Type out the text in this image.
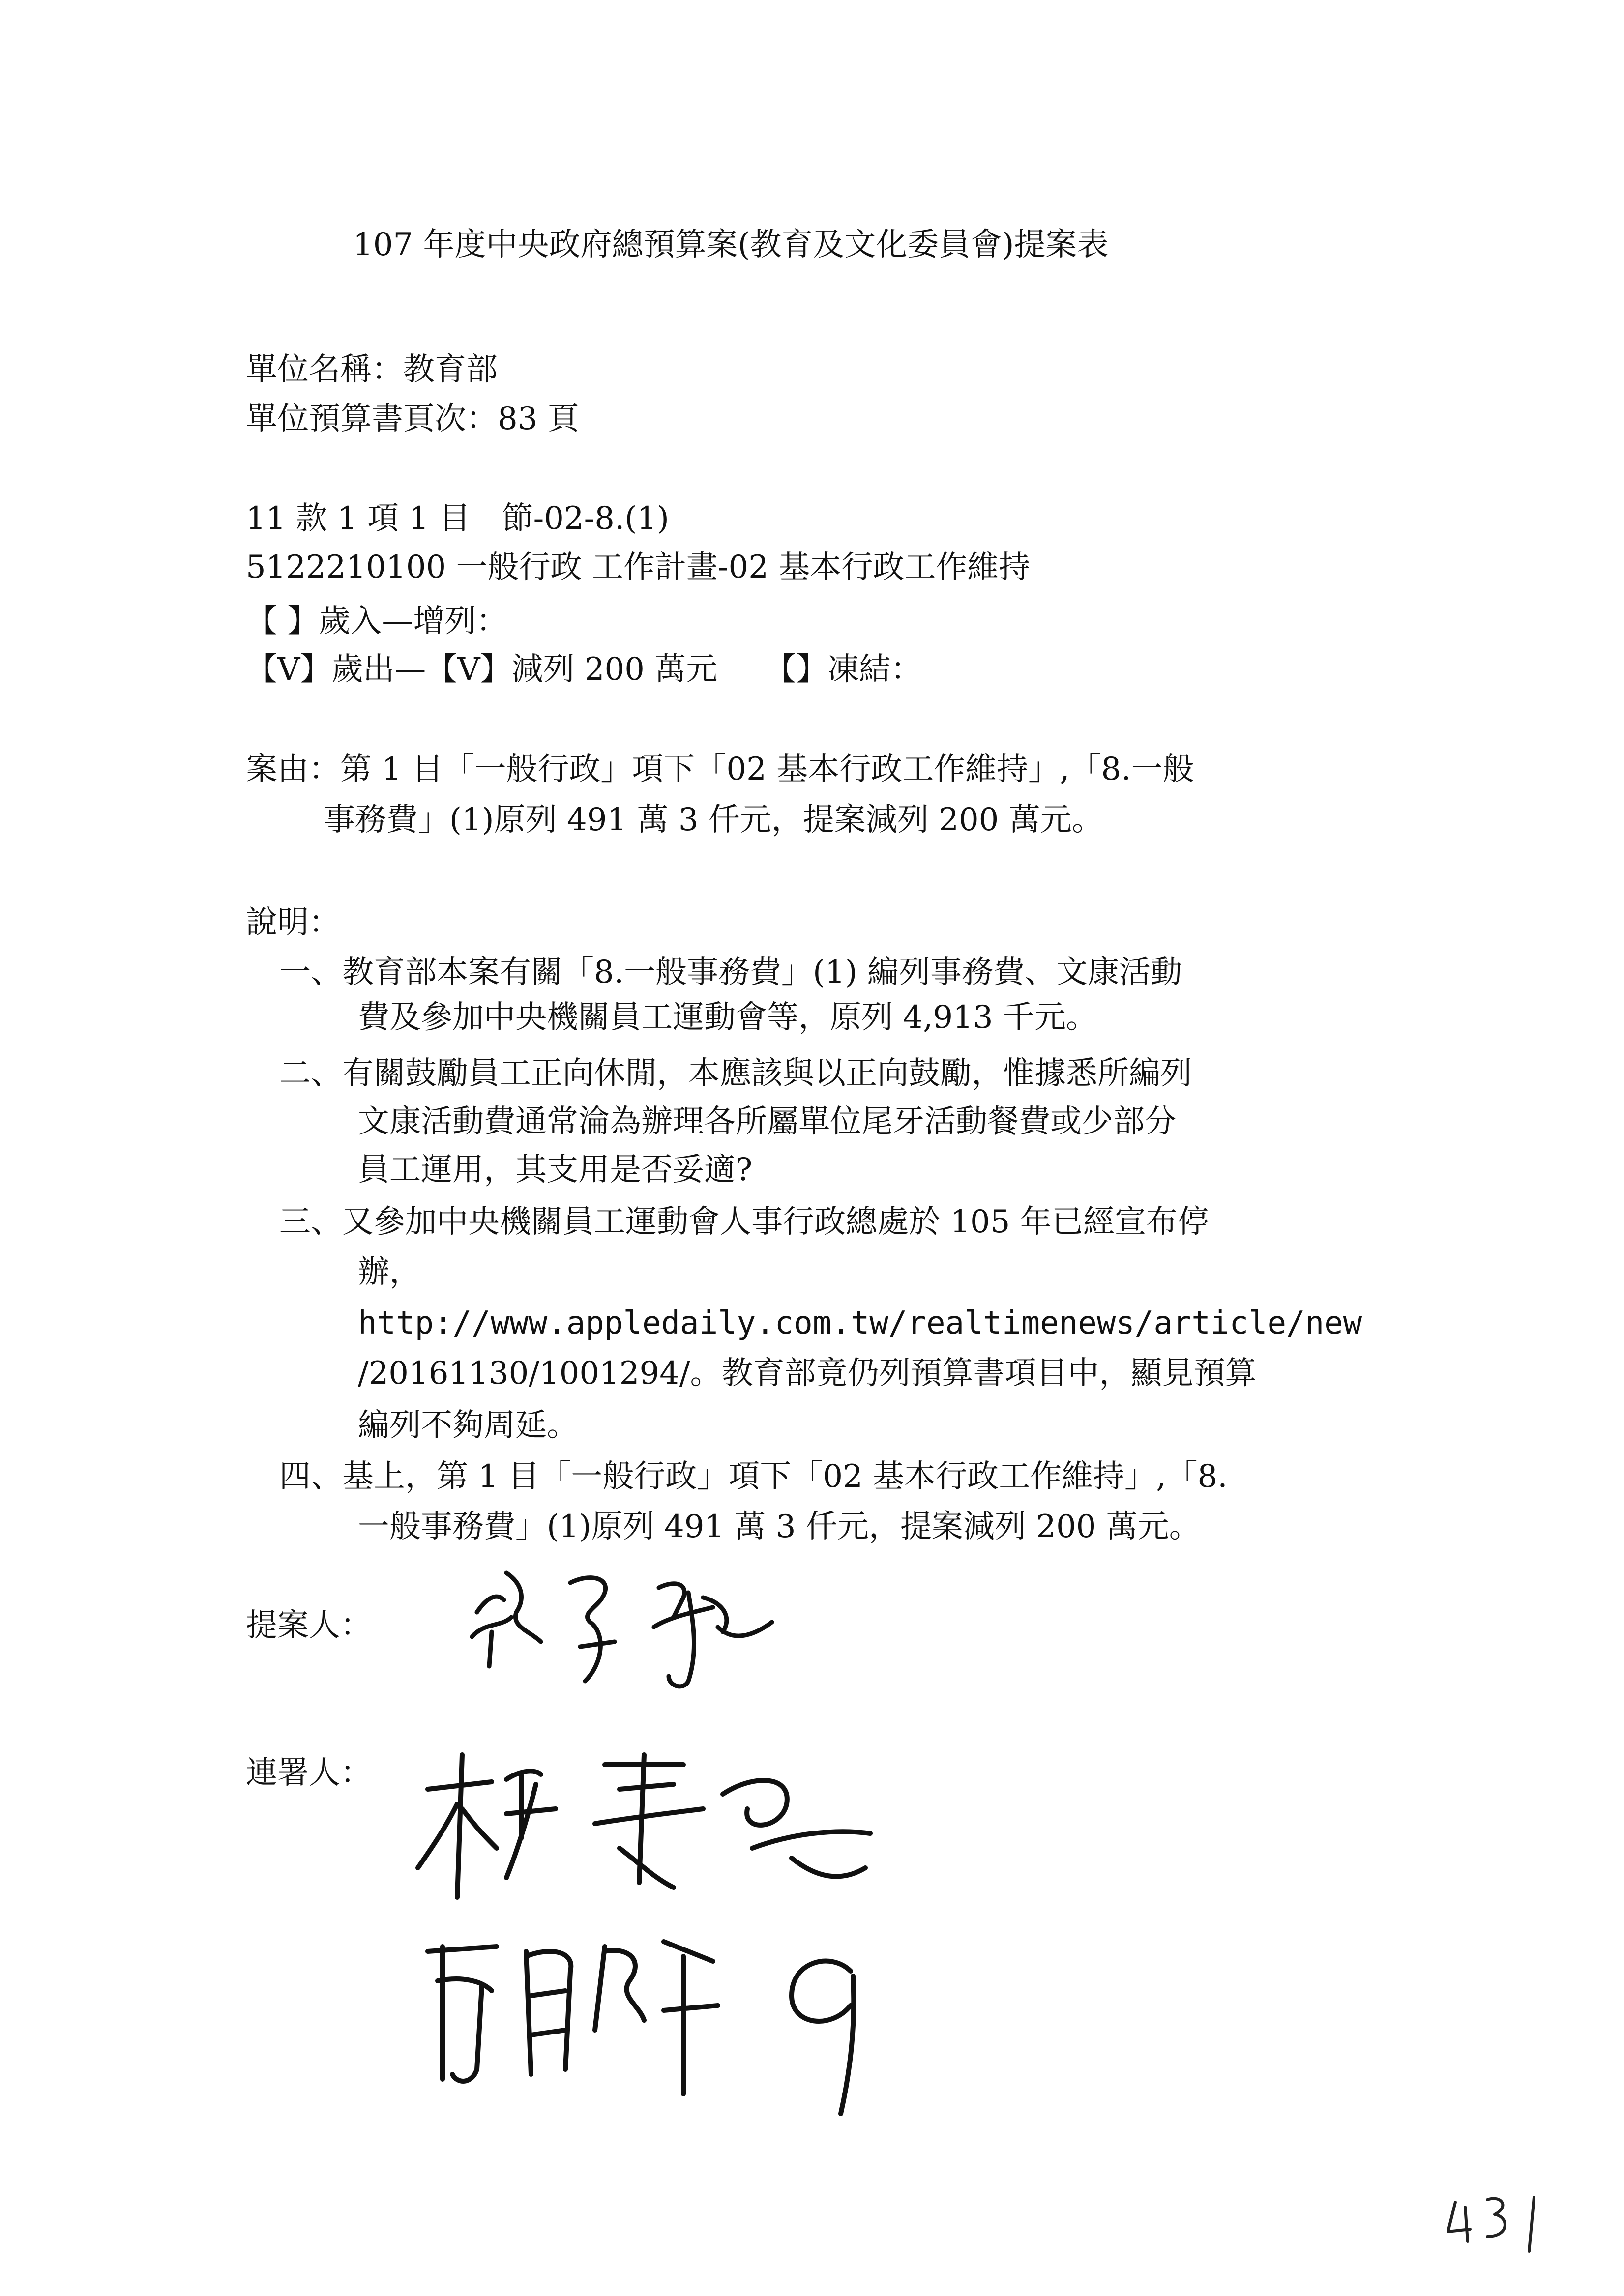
107 年度中央政府總預算案(教育及文化委員會)提案表
單位名稱：教育部
單位預算書頁次：83 頁
11 款 1 項 1 目　節-02-8.(1)
5122210100 一般行政 工作計畫-02 基本行政工作維持
【 】歲入—增列：
【V】歲出—【V】減列 200 萬元　　【】凍結：
案由：第 1 目「一般行政」項下「02 基本行政工作維持」,「8.一般
事務費」(1)原列 491 萬 3 仟元，提案減列 200 萬元。
說明：
一、教育部本案有關「8.一般事務費」(1) 編列事務費、文康活動
費及參加中央機關員工運動會等，原列 4,913 千元。
二、有關鼓勵員工正向休閒，本應該與以正向鼓勵，惟據悉所編列
文康活動費通常淪為辦理各所屬單位尾牙活動餐費或少部分
員工運用，其支用是否妥適?
三、又參加中央機關員工運動會人事行政總處於 105 年已經宣布停
辦，
http://www.appledaily.com.tw/realtimenews/article/new
/20161130/1001294/。教育部竟仍列預算書項目中，顯見預算
編列不夠周延。
四、基上，第 1 目「一般行政」項下「02 基本行政工作維持」,「8.
一般事務費」(1)原列 491 萬 3 仟元，提案減列 200 萬元。
提案人：
連署人：
